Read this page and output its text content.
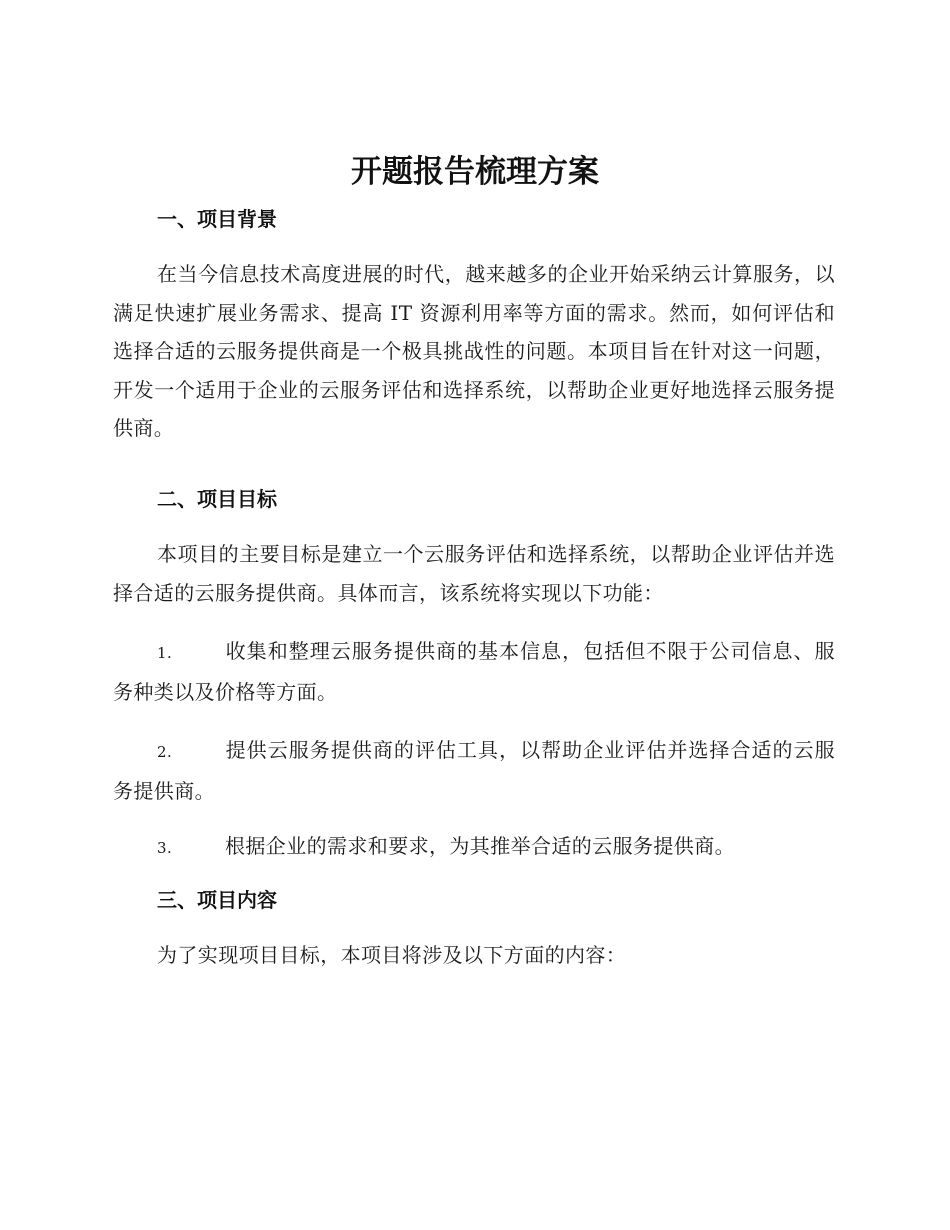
开题报告梳理方案
一、项目背景

在当今信息技术高度进展的时代，越来越多的企业开始采纳云计算服务，以满足快速扩展业务需求、提高 IT 资源利用率等方面的需求。然而，如何评估和选择合适的云服务提供商是一个极具挑战性的问题。本项目旨在针对这一问题，开发一个适用于企业的云服务评估和选择系统，以帮助企业更好地选择云服务提供商。

二、项目目标

本项目的主要目标是建立一个云服务评估和选择系统，以帮助企业评估并选择合适的云服务提供商。具体而言，该系统将实现以下功能：

1.	收集和整理云服务提供商的基本信息，包括但不限于公司信息、服务种类以及价格等方面。

2.	提供云服务提供商的评估工具，以帮助企业评估并选择合适的云服务提供商。

3.	根据企业的需求和要求，为其推举合适的云服务提供商。

三、项目内容

为了实现项目目标，本项目将涉及以下方面的内容：
